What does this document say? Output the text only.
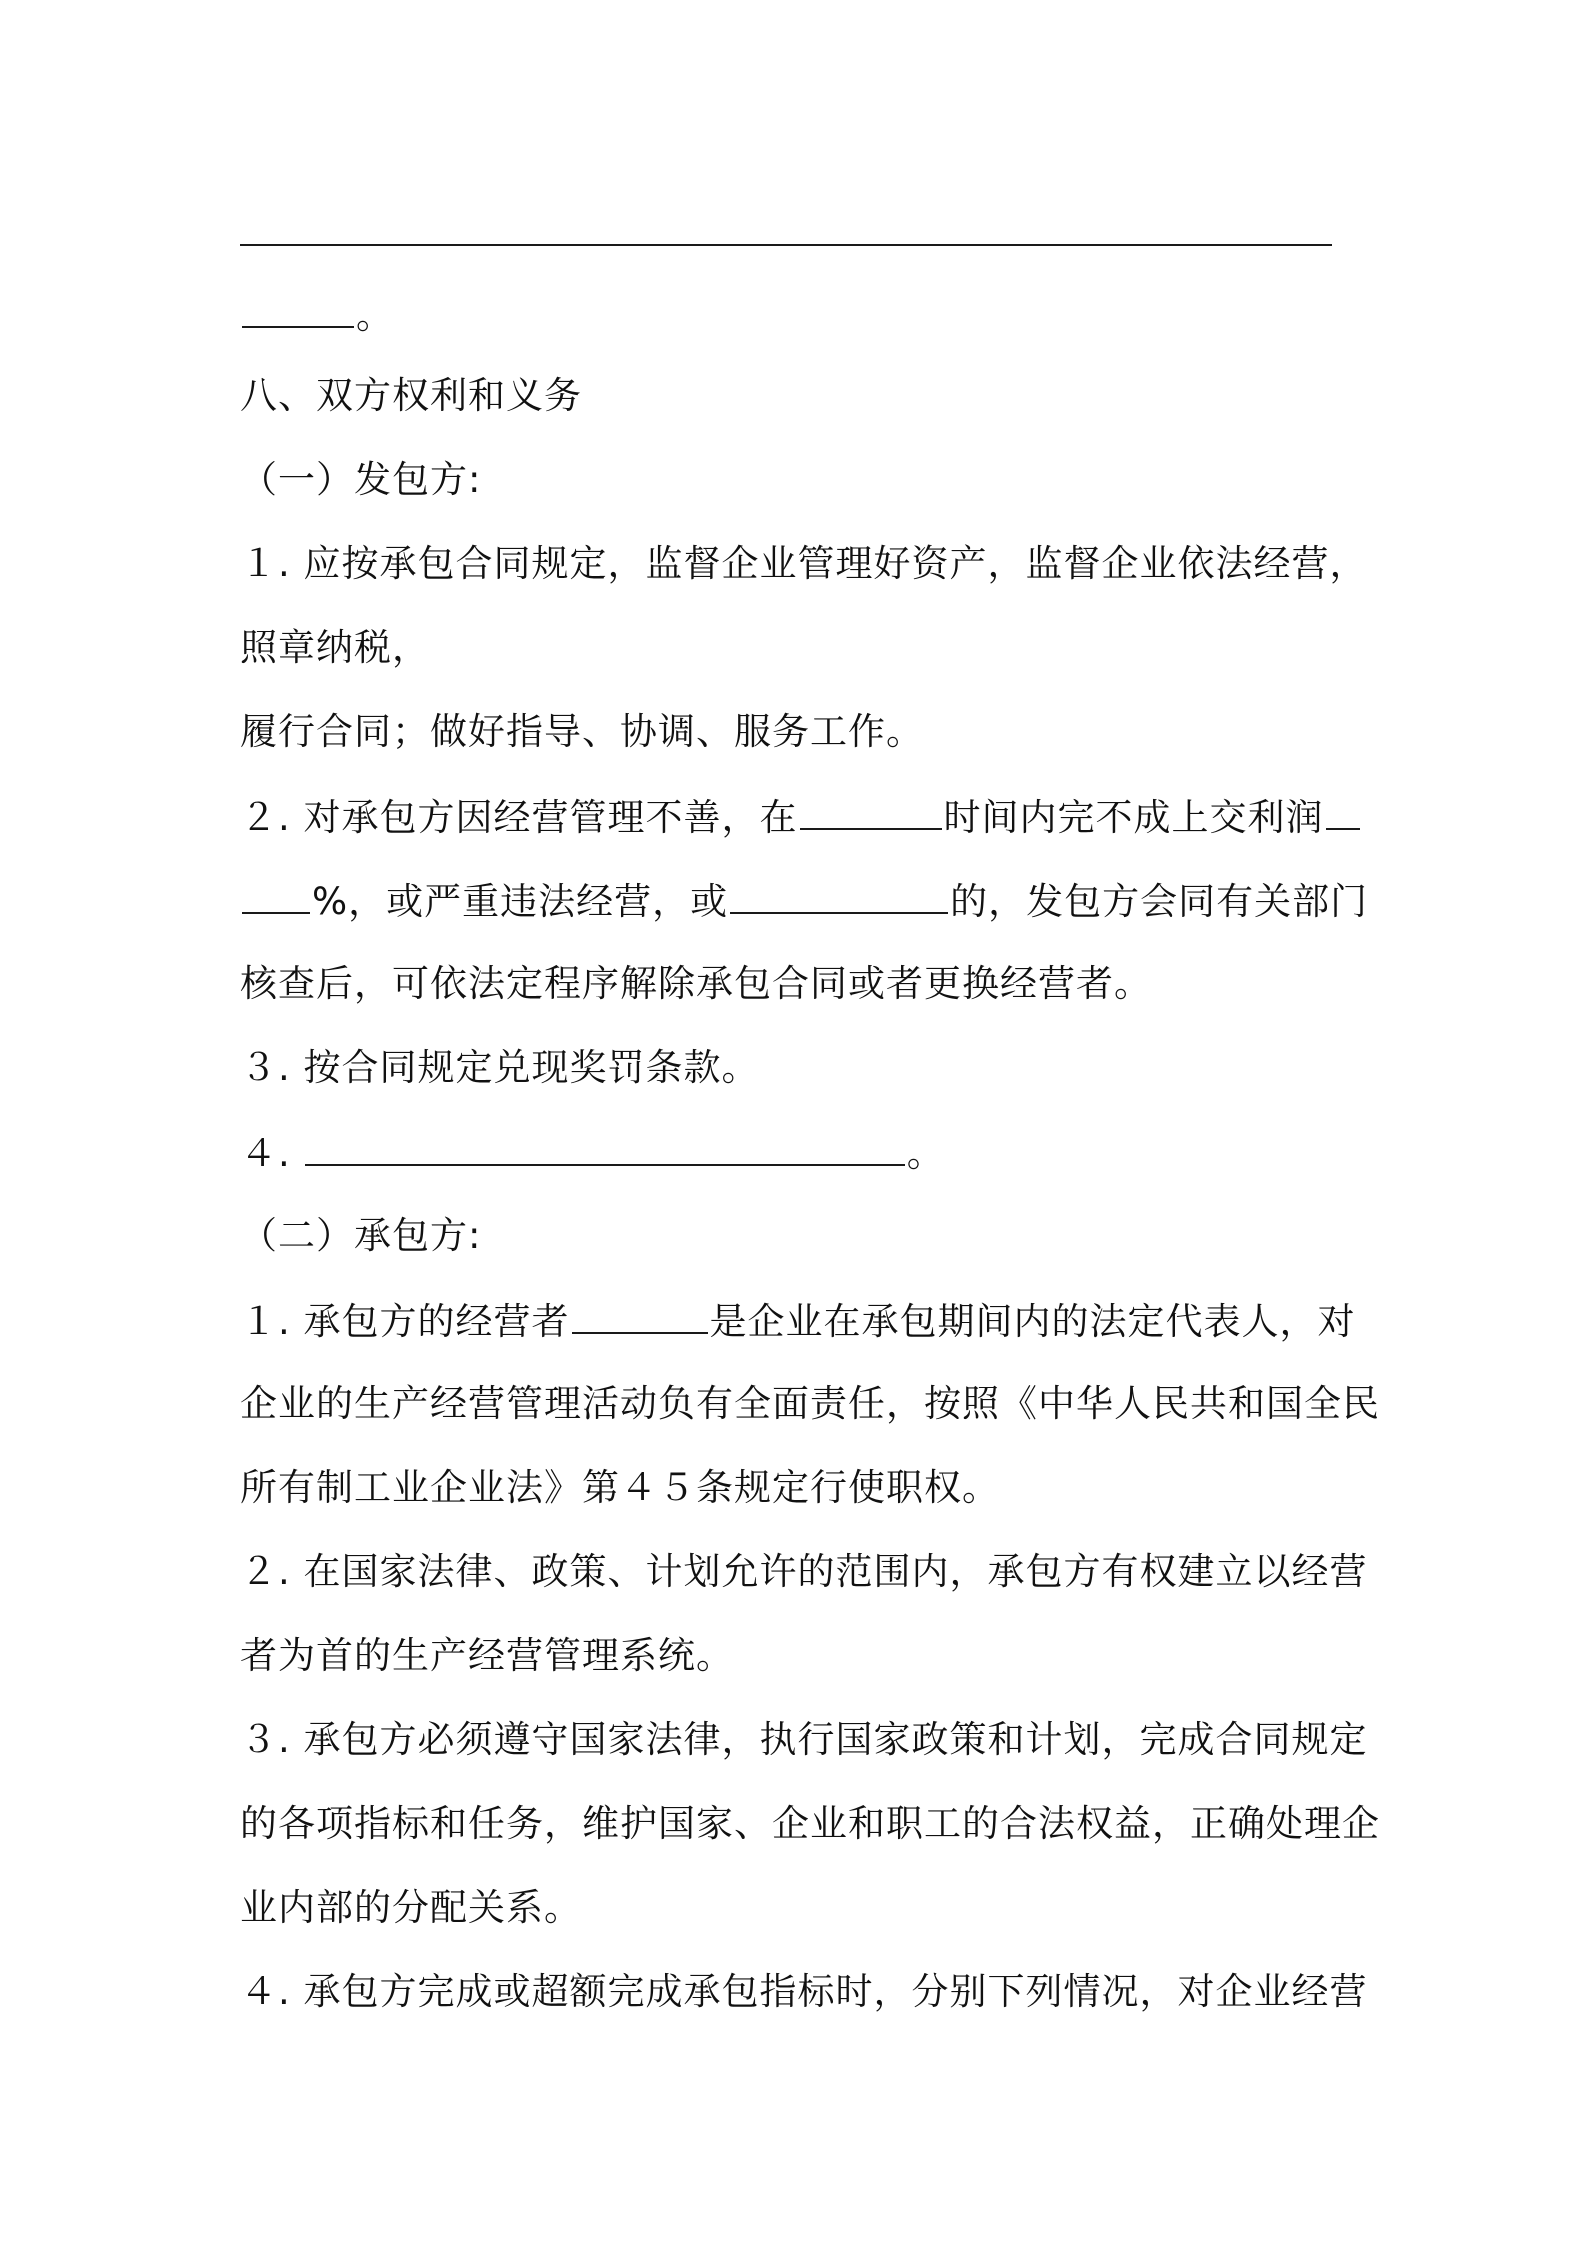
。
八、双方权利和义务
（一）发包方:
１. 应按承包合同规定，监督企业管理好资产，监督企业依法经营，
照章纳税，
履行合同；做好指导、协调、服务工作。
２. 对承包方因经营管理不善，在	时间内完不成上交利润
%，或严重违法经营，或	的，发包方会同有关部门
核查后，可依法定程序解除承包合同或者更换经营者。
３. 按合同规定兑现奖罚条款。
４.	。
（二）承包方:
１. 承包方的经营者	是企业在承包期间内的法定代表人，对
企业的生产经营管理活动负有全面责任，按照《中华人民共和国全民
所有制工业企业法》第４５条规定行使职权。
２. 在国家法律、政策、计划允许的范围内，承包方有权建立以经营
者为首的生产经营管理系统。
３. 承包方必须遵守国家法律，执行国家政策和计划，完成合同规定
的各项指标和任务，维护国家、企业和职工的合法权益，正确处理企
业内部的分配关系。
４. 承包方完成或超额完成承包指标时，分别下列情况，对企业经营
